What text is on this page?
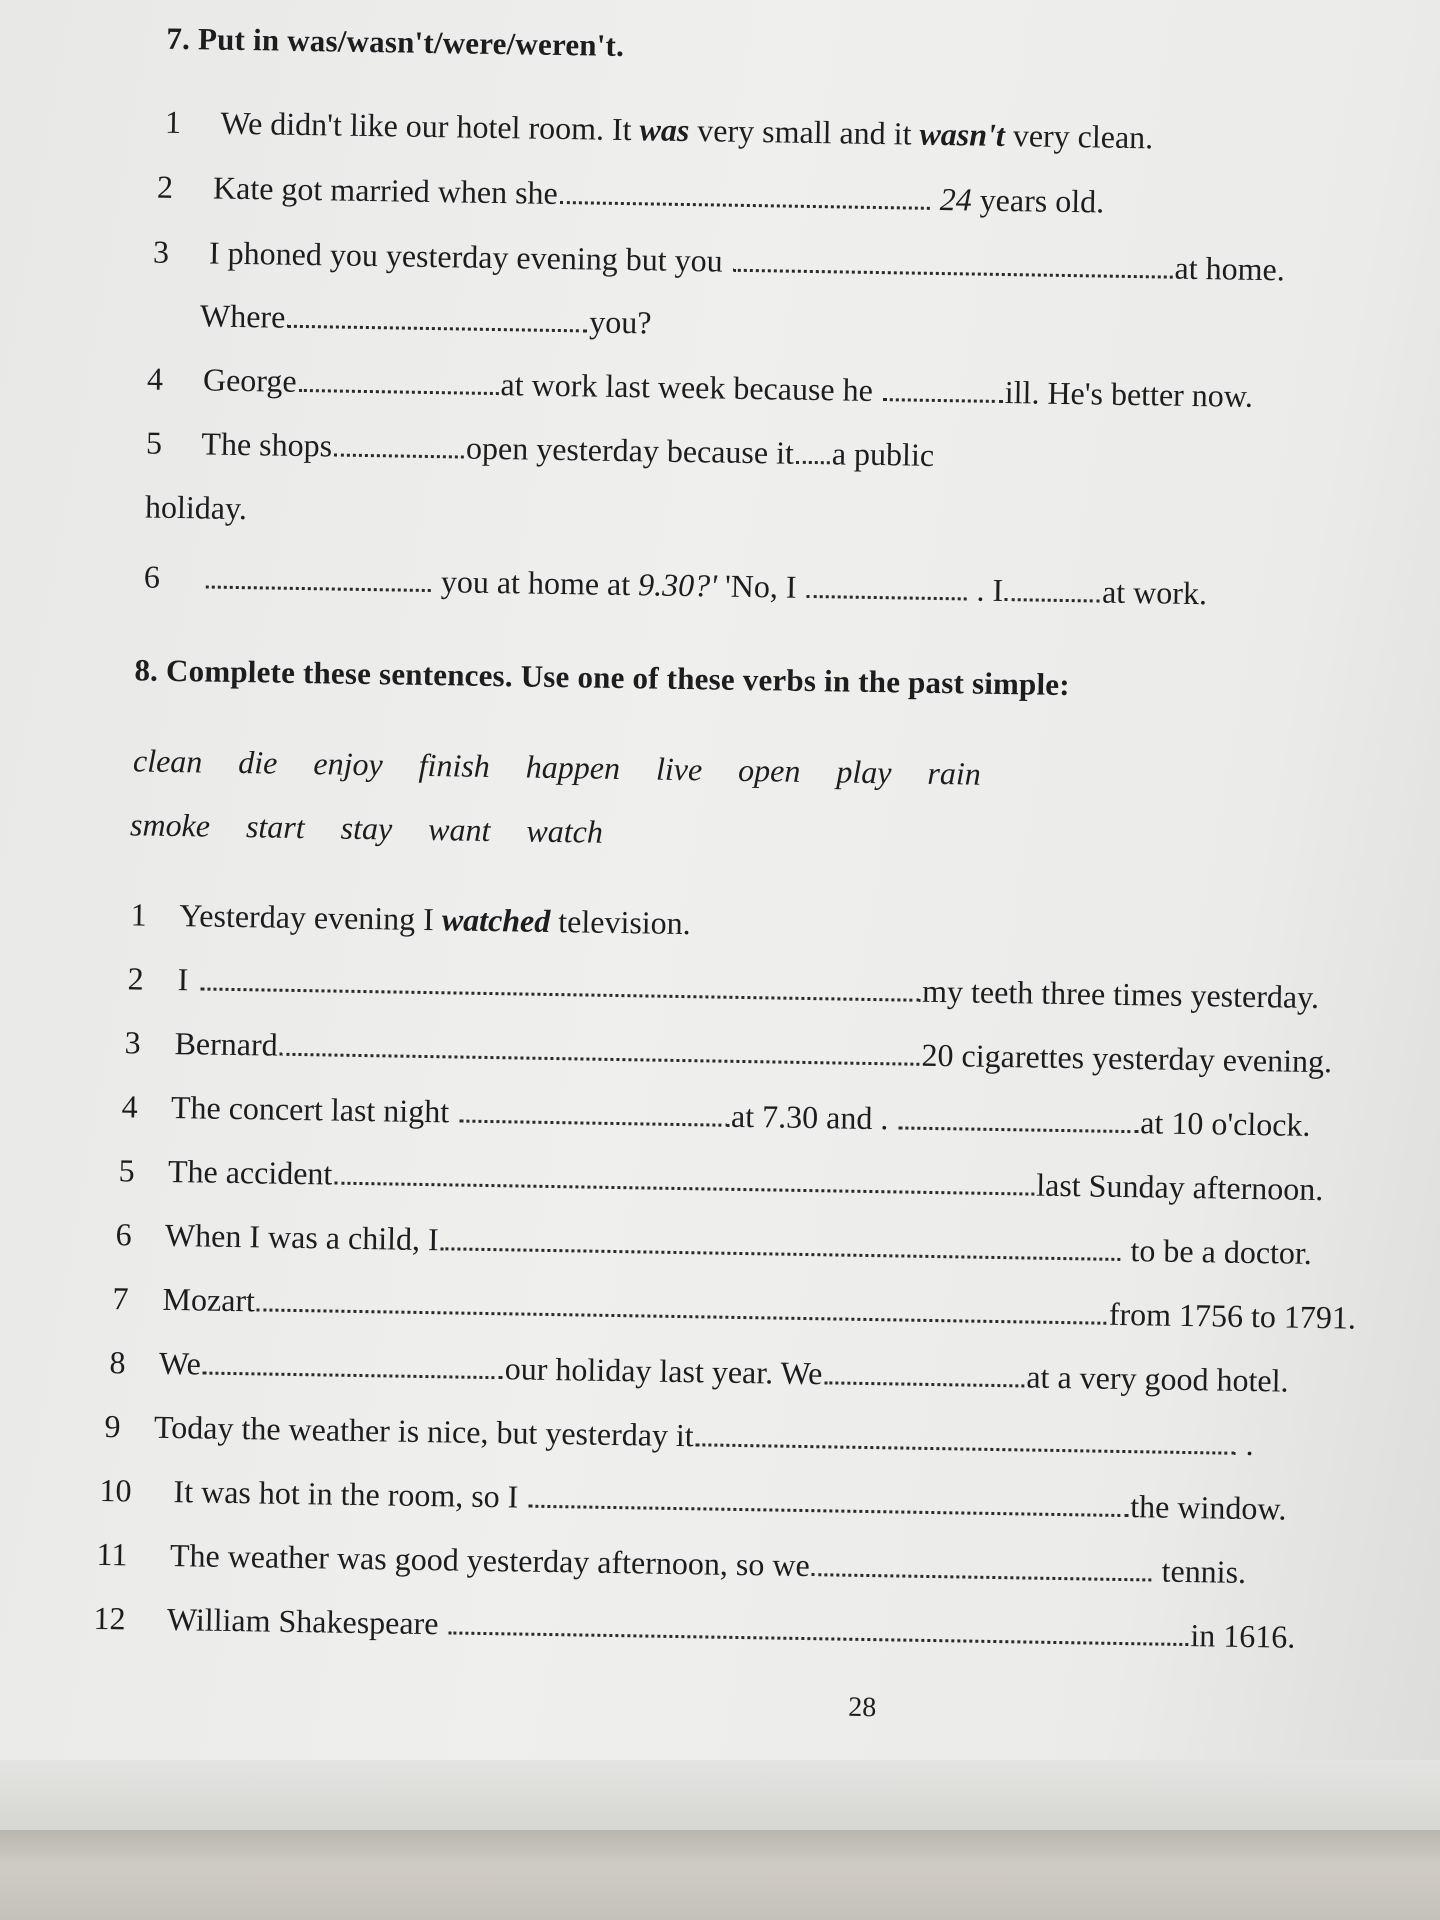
7. Put in was/wasn't/were/weren't.
1 We didn't like our hotel room. It was very small and it wasn't very clean.
2 Kate got married when she	24 years old.
3 I phoned you yesterday evening but you	at home.
Where	you?
4 George	at work last week because he	ill. He's better now.
5 The shops	open yesterday because it a public
holiday.
6	you at home at 9.30?' 'No, I	. I	at work.
8. Complete these sentences. Use one of these verbs in the past simple:
clean die enjoy finish happen live open play rain
smoke start stay want watch
1 Yesterday evening I watched television.
2 I	my teeth three times yesterday.
3 Bernard	20 cigarettes yesterday evening.
4 The concert last night	at 7.30 and .	at 10 o'clock.
5 The accident	last Sunday afternoon.
6 When I was a child, I	to be a doctor.
7 Mozart	from 1756 to 1791.
8 We	our holiday last year. We	at a very good hotel.
9 Today the weather is nice, but yesterday it	.
10 It was hot in the room, so I	the window.
11 The weather was good yesterday afternoon, so we	tennis.
12 William Shakespeare	in 1616.
28
